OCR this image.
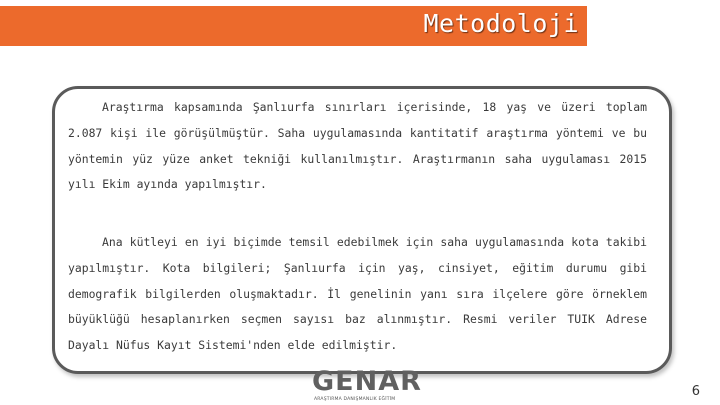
Metodoloji

Araştırma kapsamında Şanlıurfa sınırları içerisinde, 18 yaş ve üzeri toplam 2.087 kişi ile görüşülmüştür. Saha uygulamasında kantitatif araştırma yöntemi ve bu yöntemin yüz yüze anket tekniği kullanılmıştır. Araştırmanın saha uygulaması 2015 yılı Ekim ayında yapılmıştır.

Ana kütleyi en iyi biçimde temsil edebilmek için saha uygulamasında kota takibi yapılmıştır. Kota bilgileri; Şanlıurfa için yaş, cinsiyet, eğitim durumu gibi demografik bilgilerden oluşmaktadır. İl genelinin yanı sıra ilçelere göre örneklem büyüklüğü hesaplanırken seçmen sayısı baz alınmıştır. Resmi veriler TUIK Adrese Dayalı Nüfus Kayıt Sistemi'nden elde edilmiştir.

GENAR
ARAŞTIRMA DANIŞMANLIK EĞİTİM
6
